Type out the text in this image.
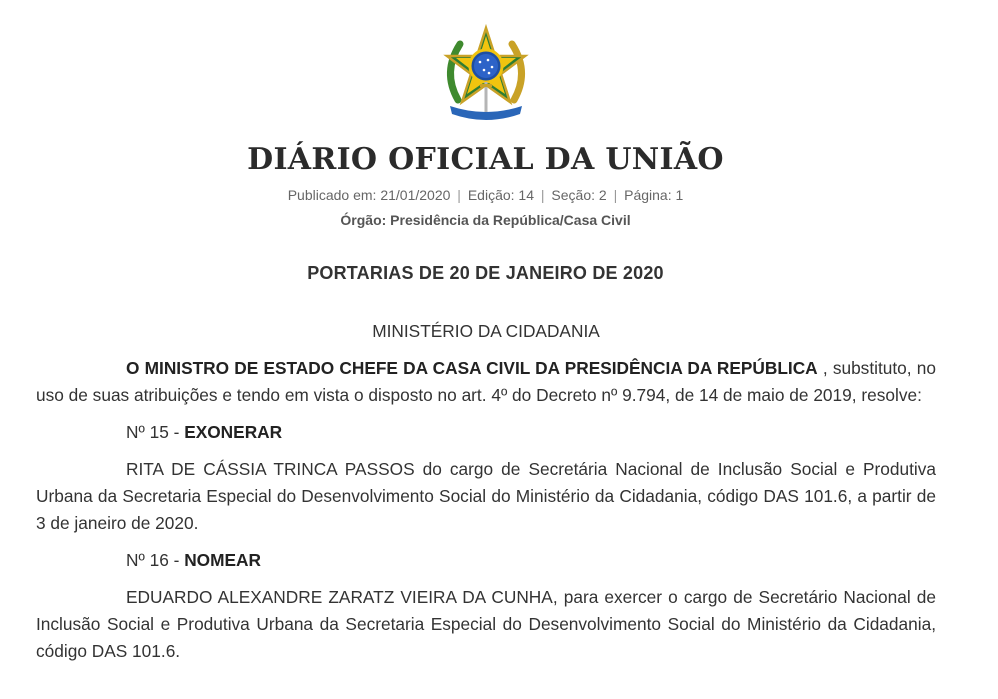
DIÁRIO OFICIAL DA UNIÃO
Publicado em: 21/01/2020 | Edição: 14 | Seção: 2 | Página: 1
Órgão: Presidência da República/Casa Civil
PORTARIAS DE 20 DE JANEIRO DE 2020

MINISTÉRIO DA CIDADANIA

O MINISTRO DE ESTADO CHEFE DA CASA CIVIL DA PRESIDÊNCIA DA REPÚBLICA , substituto, no uso de suas atribuições e tendo em vista o disposto no art. 4º do Decreto nº 9.794, de 14 de maio de 2019, resolve:

Nº 15 - EXONERAR

RITA DE CÁSSIA TRINCA PASSOS do cargo de Secretária Nacional de Inclusão Social e Produtiva Urbana da Secretaria Especial do Desenvolvimento Social do Ministério da Cidadania, código DAS 101.6, a partir de 3 de janeiro de 2020.

Nº 16 - NOMEAR

EDUARDO ALEXANDRE ZARATZ VIEIRA DA CUNHA, para exercer o cargo de Secretário Nacional de Inclusão Social e Produtiva Urbana da Secretaria Especial do Desenvolvimento Social do Ministério da Cidadania, código DAS 101.6.
